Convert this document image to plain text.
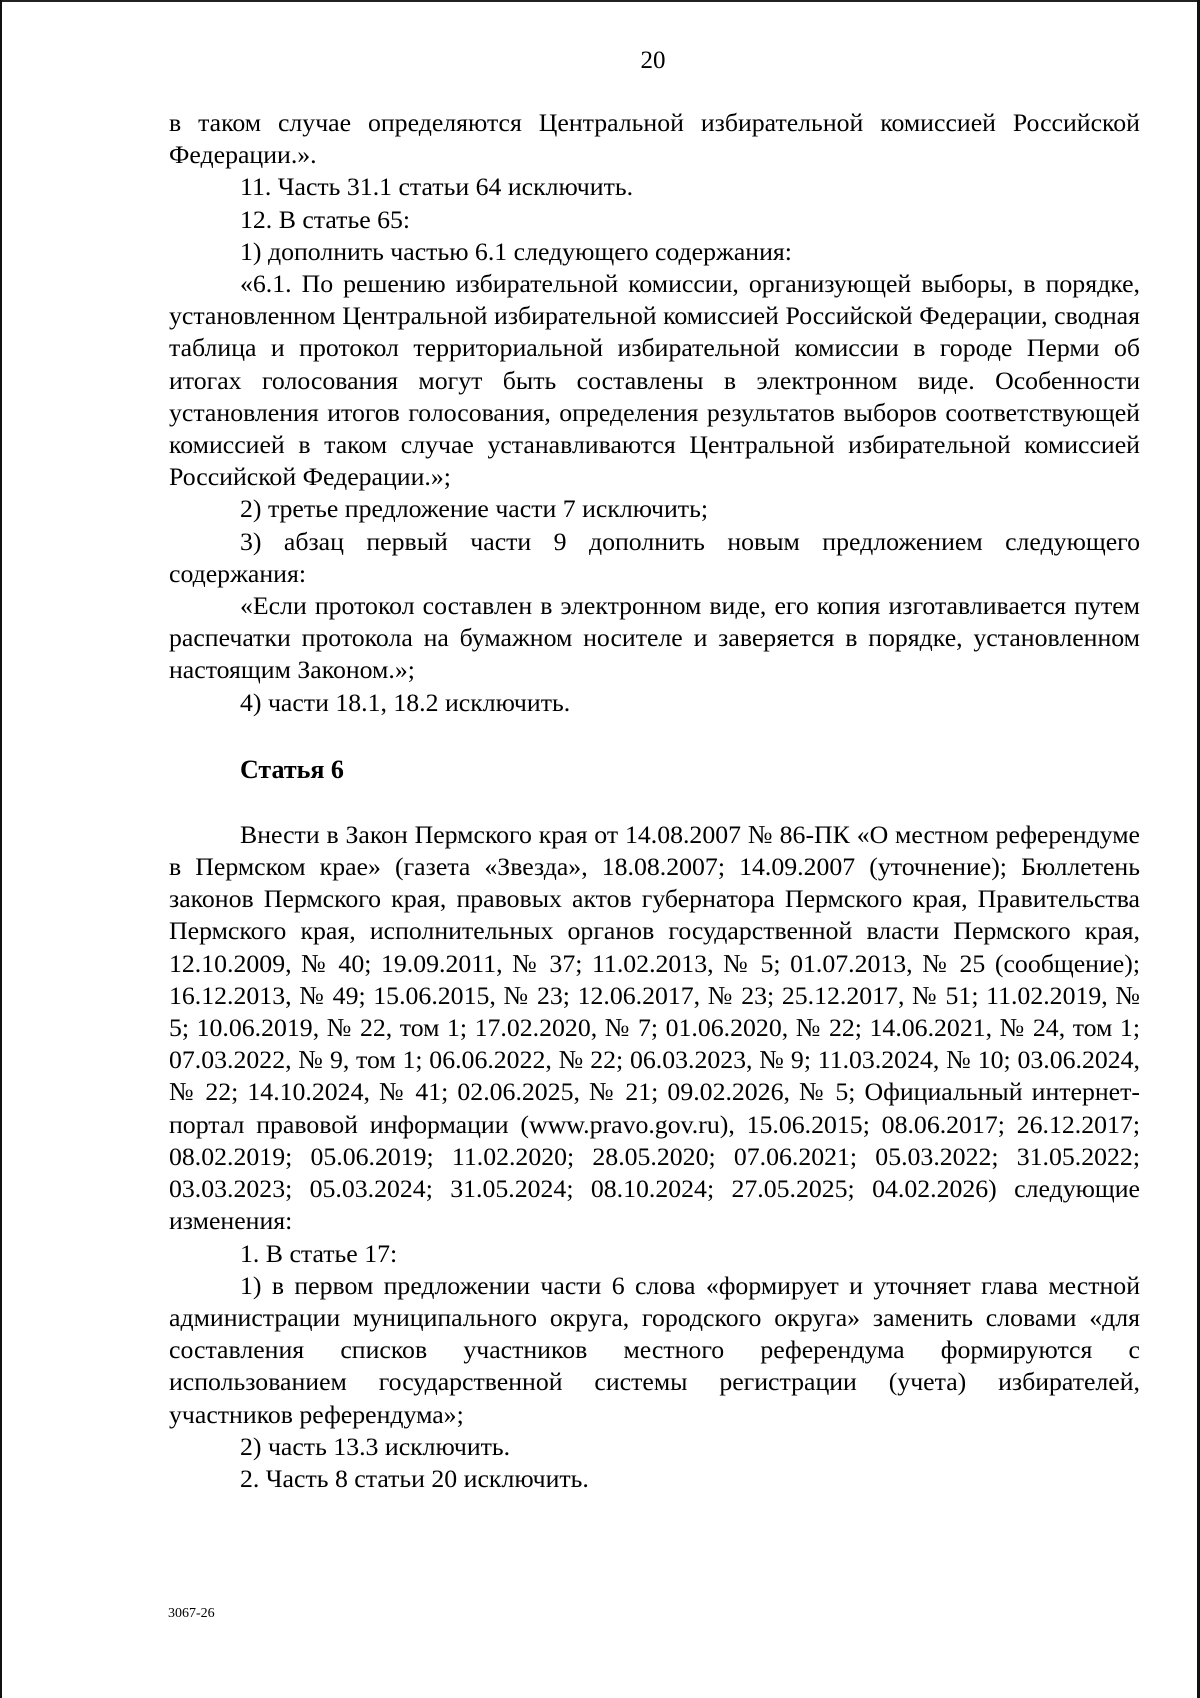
20

в таком случае определяются Центральной избирательной комиссией Российской Федерации.».

11. Часть 31.1 статьи 64 исключить.

12. В статье 65:

1) дополнить частью 6.1 следующего содержания:

«6.1. По решению избирательной комиссии, организующей выборы, в порядке, установленном Центральной избирательной комиссией Российской Федерации, сводная таблица и протокол территориальной избирательной комиссии в городе Перми об итогах голосования могут быть составлены в электронном виде. Особенности установления итогов голосования, определения результатов выборов соответствующей комиссией в таком случае устанавливаются Центральной избирательной комиссией Российской Федерации.»;

2) третье предложение части 7 исключить;

3) абзац первый части 9 дополнить новым предложением следующего содержания:

«Если протокол составлен в электронном виде, его копия изготавливается путем распечатки протокола на бумажном носителе и заверяется в порядке, установленном настоящим Законом.»;

4) части 18.1, 18.2 исключить.

Статья 6

Внести в Закон Пермского края от 14.08.2007 № 86-ПК «О местном референдуме в Пермском крае» (газета «Звезда», 18.08.2007; 14.09.2007 (уточнение); Бюллетень законов Пермского края, правовых актов губернатора Пермского края, Правительства Пермского края, исполнительных органов государственной власти Пермского края, 12.10.2009, № 40; 19.09.2011, № 37; 11.02.2013, № 5; 01.07.2013, № 25 (сообщение); 16.12.2013, № 49; 15.06.2015, № 23; 12.06.2017, № 23; 25.12.2017, № 51; 11.02.2019, № 5; 10.06.2019, № 22, том 1; 17.02.2020, № 7; 01.06.2020, № 22; 14.06.2021, № 24, том 1; 07.03.2022, № 9, том 1; 06.06.2022, № 22; 06.03.2023, № 9; 11.03.2024, № 10; 03.06.2024, № 22; 14.10.2024, № 41; 02.06.2025, № 21; 09.02.2026, № 5; Официальный интернет-портал правовой информации (www.pravo.gov.ru), 15.06.2015; 08.06.2017; 26.12.2017; 08.02.2019; 05.06.2019; 11.02.2020; 28.05.2020; 07.06.2021; 05.03.2022; 31.05.2022; 03.03.2023; 05.03.2024; 31.05.2024; 08.10.2024; 27.05.2025; 04.02.2026) следующие изменения:

1. В статье 17:

1) в первом предложении части 6 слова «формирует и уточняет глава местной администрации муниципального округа, городского округа» заменить словами «для составления списков участников местного референдума формируются с использованием государственной системы регистрации (учета) избирателей, участников референдума»;

2) часть 13.3 исключить.

2. Часть 8 статьи 20 исключить.

3067-26
